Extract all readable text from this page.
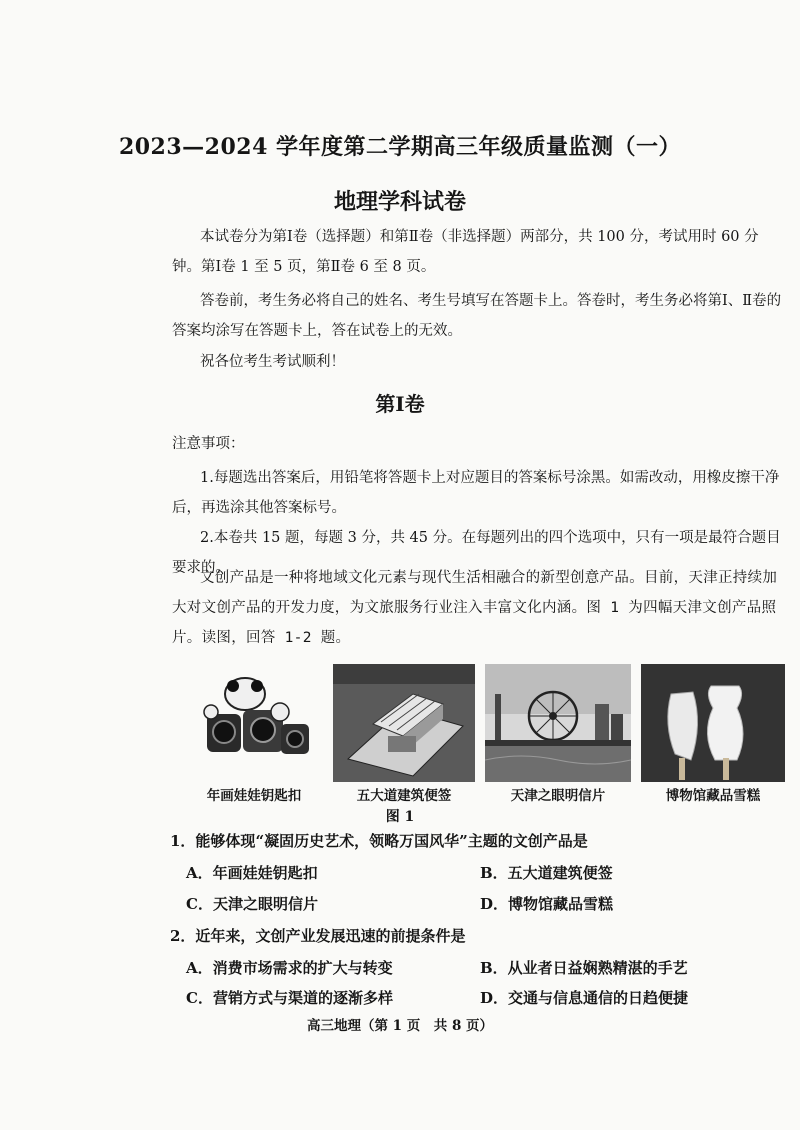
2023—2024 学年度第二学期高三年级质量监测（一）
地理学科试卷
本试卷分为第Ⅰ卷（选择题）和第Ⅱ卷（非选择题）两部分，共 100 分，考试用时 60 分钟。第Ⅰ卷 1 至 5 页，第Ⅱ卷 6 至 8 页。
答卷前，考生务必将自己的姓名、考生号填写在答题卡上。答卷时，考生务必将第Ⅰ、Ⅱ卷的答案均涂写在答题卡上，答在试卷上的无效。
祝各位考生考试顺利！
第Ⅰ卷
注意事项：
1.每题选出答案后，用铅笔将答题卡上对应题目的答案标号涂黑。如需改动，用橡皮擦干净后，再选涂其他答案标号。
2.本卷共 15 题，每题 3 分，共 45 分。在每题列出的四个选项中，只有一项是最符合题目要求的。
文创产品是一种将地域文化元素与现代生活相融合的新型创意产品。目前，天津正持续加大对文创产品的开发力度，为文旅服务行业注入丰富文化内涵。图 1 为四幅天津文创产品照片。读图，回答 1-2 题。
年画娃娃钥匙扣	五大道建筑便签	天津之眼明信片	博物馆藏品雪糕
图 1
1．能够体现“凝固历史艺术，领略万国风华”主题的文创产品是
A．年画娃娃钥匙扣	B．五大道建筑便签
C．天津之眼明信片	D．博物馆藏品雪糕
2．近年来，文创产业发展迅速的前提条件是
A．消费市场需求的扩大与转变	B．从业者日益娴熟精湛的手艺
C．营销方式与渠道的逐渐多样	D．交通与信息通信的日趋便捷
高三地理（第 1 页　共 8 页）
